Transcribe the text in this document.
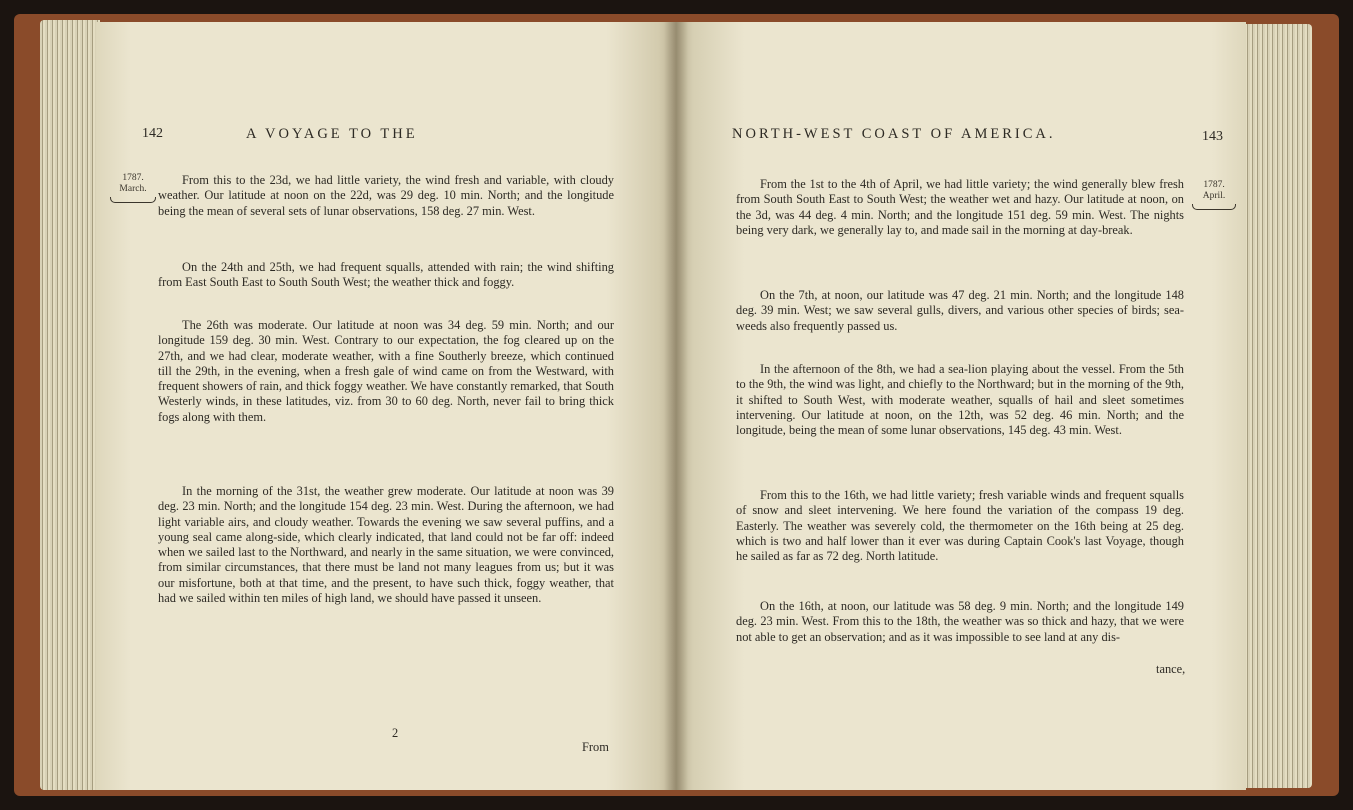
142	A VOYAGE TO THE
1787.
March.

From this to the 23d, we had little variety, the wind fresh and variable, with cloudy weather. Our latitude at noon on the 22d, was 29 deg. 10 min. North; and the longitude being the mean of several sets of lunar observations, 158 deg. 27 min. West.

On the 24th and 25th, we had frequent squalls, attended with rain; the wind shifting from East South East to South South West; the weather thick and foggy.

The 26th was moderate. Our latitude at noon was 34 deg. 59 min. North; and our longitude 159 deg. 30 min. West. Contrary to our expectation, the fog cleared up on the 27th, and we had clear, moderate weather, with a fine Southerly breeze, which continued till the 29th, in the evening, when a fresh gale of wind came on from the Westward, with frequent showers of rain, and thick foggy weather. We have constantly remarked, that South Westerly winds, in these latitudes, viz. from 30 to 60 deg. North, never fail to bring thick fogs along with them.

In the morning of the 31st, the weather grew moderate. Our latitude at noon was 39 deg. 23 min. North; and the longitude 154 deg. 23 min. West. During the afternoon, we had light variable airs, and cloudy weather. Towards the evening we saw several puffins, and a young seal came along-side, which clearly indicated, that land could not be far off: indeed when we sailed last to the Northward, and nearly in the same situation, we were convinced, from similar circumstances, that there must be land not many leagues from us; but it was our misfortune, both at that time, and the present, to have such thick, foggy weather, that had we sailed within ten miles of high land, we should have passed it unseen.

2
From
NORTH-WEST COAST OF AMERICA.	143
1787.
April.

From the 1st to the 4th of April, we had little variety; the wind generally blew fresh from South South East to South West; the weather wet and hazy. Our latitude at noon, on the 3d, was 44 deg. 4 min. North; and the longitude 151 deg. 59 min. West. The nights being very dark, we generally lay to, and made sail in the morning at day-break.

On the 7th, at noon, our latitude was 47 deg. 21 min. North; and the longitude 148 deg. 39 min. West; we saw several gulls, divers, and various other species of birds; sea-weeds also frequently passed us.

In the afternoon of the 8th, we had a sea-lion playing about the vessel. From the 5th to the 9th, the wind was light, and chiefly to the Northward; but in the morning of the 9th, it shifted to South West, with moderate weather, squalls of hail and sleet sometimes intervening. Our latitude at noon, on the 12th, was 52 deg. 46 min. North; and the longitude, being the mean of some lunar observations, 145 deg. 43 min. West.

From this to the 16th, we had little variety; fresh variable winds and frequent squalls of snow and sleet intervening. We here found the variation of the compass 19 deg. Easterly. The weather was severely cold, the thermometer on the 16th being at 25 deg. which is two and half lower than it ever was during Captain Cook's last Voyage, though he sailed as far as 72 deg. North latitude.

On the 16th, at noon, our latitude was 58 deg. 9 min. North; and the longitude 149 deg. 23 min. West. From this to the 18th, the weather was so thick and hazy, that we were not able to get an observation; and as it was impossible to see land at any dis-

tance,
